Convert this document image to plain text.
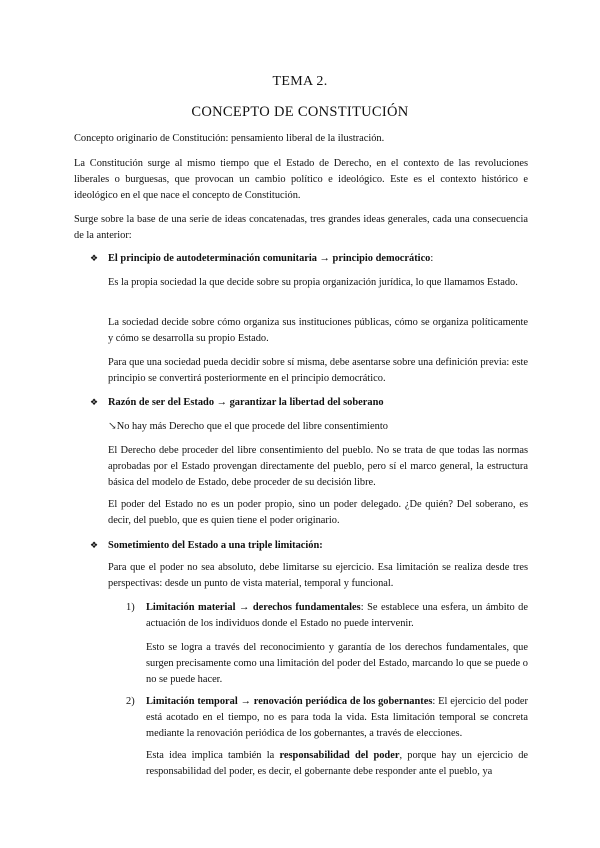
TEMA 2.
CONCEPTO DE CONSTITUCIÓN

Concepto originario de Constitución: pensamiento liberal de la ilustración.

La Constitución surge al mismo tiempo que el Estado de Derecho, en el contexto de las revoluciones liberales o burguesas, que provocan un cambio político e ideológico. Este es el contexto histórico e ideológico en el que nace el concepto de Constitución.

Surge sobre la base de una serie de ideas concatenadas, tres grandes ideas generales, cada una consecuencia de la anterior:

❖ El principio de autodeterminación comunitaria → principio democrático:

Es la propia sociedad la que decide sobre su propia organización jurídica, lo que llamamos Estado.

La sociedad decide sobre cómo organiza sus instituciones públicas, cómo se organiza políticamente y cómo se desarrolla su propio Estado.

Para que una sociedad pueda decidir sobre sí misma, debe asentarse sobre una definición previa: este principio se convertirá posteriormente en el principio democrático.

❖ Razón de ser del Estado → garantizar la libertad del soberano

↘No hay más Derecho que el que procede del libre consentimiento

El Derecho debe proceder del libre consentimiento del pueblo. No se trata de que todas las normas aprobadas por el Estado provengan directamente del pueblo, pero sí el marco general, la estructura básica del modelo de Estado, debe proceder de su decisión libre.

El poder del Estado no es un poder propio, sino un poder delegado. ¿De quién? Del soberano, es decir, del pueblo, que es quien tiene el poder originario.

❖ Sometimiento del Estado a una triple limitación:

Para que el poder no sea absoluto, debe limitarse su ejercicio. Esa limitación se realiza desde tres perspectivas: desde un punto de vista material, temporal y funcional.

1) Limitación material → derechos fundamentales: Se establece una esfera, un ámbito de actuación de los individuos donde el Estado no puede intervenir.

Esto se logra a través del reconocimiento y garantía de los derechos fundamentales, que surgen precisamente como una limitación del poder del Estado, marcando lo que se puede o no se puede hacer.

2) Limitación temporal → renovación periódica de los gobernantes: El ejercicio del poder está acotado en el tiempo, no es para toda la vida. Esta limitación temporal se concreta mediante la renovación periódica de los gobernantes, a través de elecciones.

Esta idea implica también la responsabilidad del poder, porque hay un ejercicio de responsabilidad del poder, es decir, el gobernante debe responder ante el pueblo, ya
